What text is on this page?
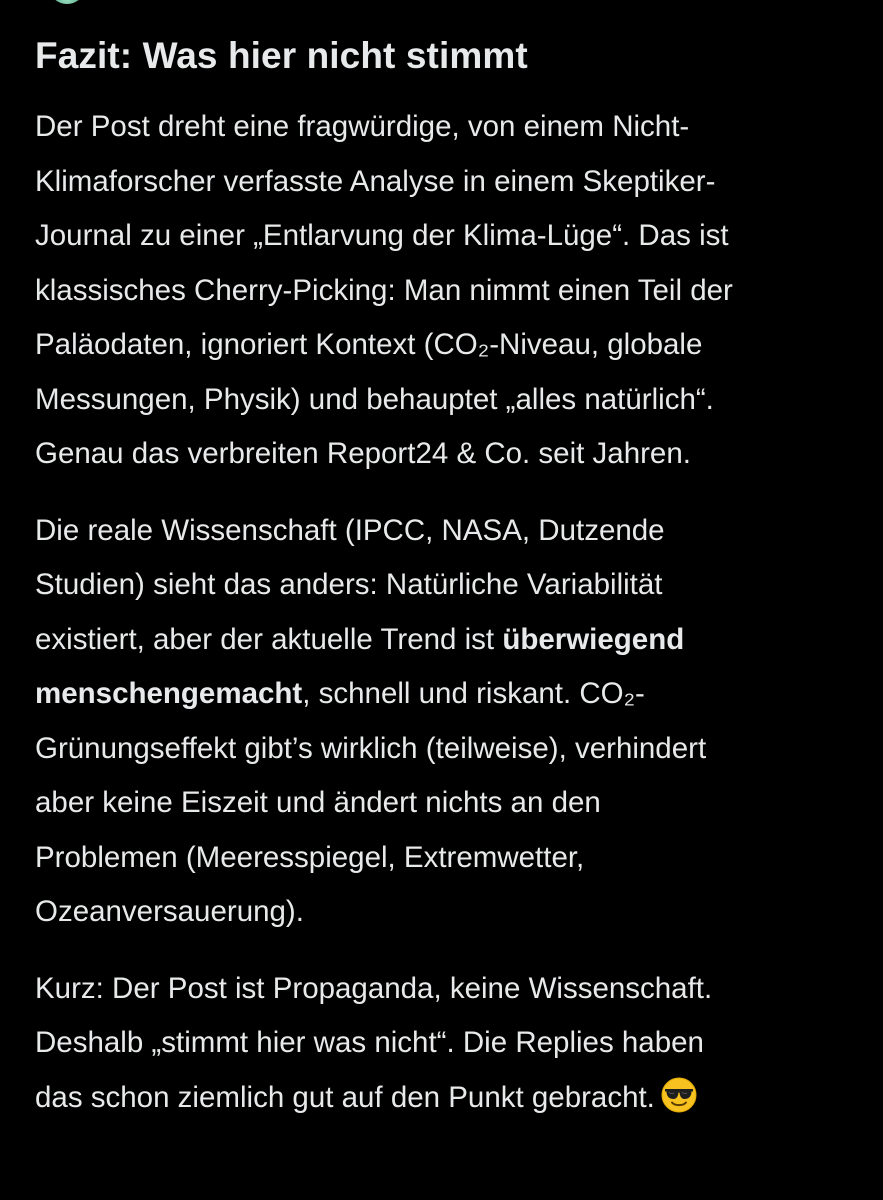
Fazit: Was hier nicht stimmt

Der Post dreht eine fragwürdige, von einem Nicht-
Klimaforscher verfasste Analyse in einem Skeptiker-
Journal zu einer „Entlarvung der Klima-Lüge“. Das ist
klassisches Cherry-Picking: Man nimmt einen Teil der
Paläodaten, ignoriert Kontext (CO₂-Niveau, globale
Messungen, Physik) und behauptet „alles natürlich“.
Genau das verbreiten Report24 & Co. seit Jahren.

Die reale Wissenschaft (IPCC, NASA, Dutzende
Studien) sieht das anders: Natürliche Variabilität
existiert, aber der aktuelle Trend ist überwiegend
menschengemacht, schnell und riskant. CO₂-
Grünungseffekt gibt’s wirklich (teilweise), verhindert
aber keine Eiszeit und ändert nichts an den
Problemen (Meeresspiegel, Extremwetter,
Ozeanversauerung).

Kurz: Der Post ist Propaganda, keine Wissenschaft.
Deshalb „stimmt hier was nicht“. Die Replies haben
das schon ziemlich gut auf den Punkt gebracht.
